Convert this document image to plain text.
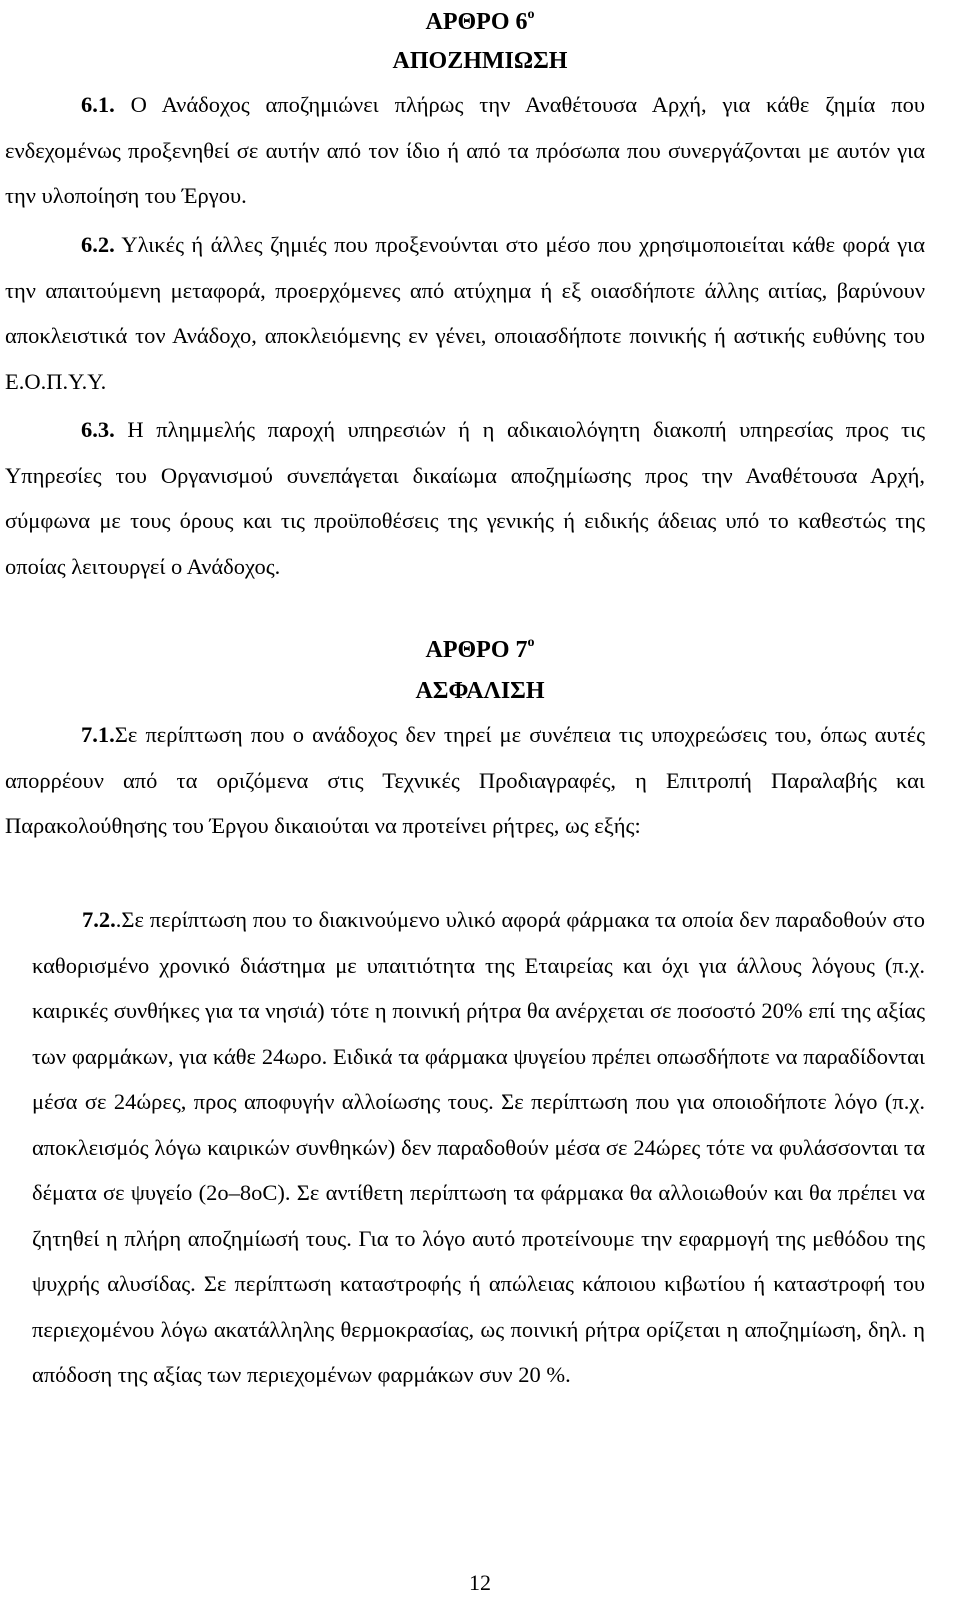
ΑΡΘΡΟ $6^o$
ΑΠΟΖΗΜΙΩΣΗ

6.1. Ο Ανάδοχος αποζημιώνει πλήρως την Αναθέτουσα Αρχή, για κάθε ζημία που ενδεχομένως προξενηθεί σε αυτήν από τον ίδιο ή από τα πρόσωπα που συνεργάζονται με αυτόν για την υλοποίηση του Έργου.

6.2. Υλικές ή άλλες ζημιές που προξενούνται στο μέσο που χρησιμοποιείται κάθε φορά για την απαιτούμενη μεταφορά, προερχόμενες από ατύχημα ή εξ οιασδήποτε άλλης αιτίας, βαρύνουν αποκλειστικά τον Ανάδοχο, αποκλειόμενης εν γένει, οποιασδήποτε ποινικής ή αστικής ευθύνης του Ε.Ο.Π.Υ.Υ.

6.3. Η πλημμελής παροχή υπηρεσιών ή η αδικαιολόγητη διακοπή υπηρεσίας προς τις Υπηρεσίες του Οργανισμού συνεπάγεται δικαίωμα αποζημίωσης προς την Αναθέτουσα Αρχή, σύμφωνα με τους όρους και τις προϋποθέσεις της γενικής ή ειδικής άδειας υπό το καθεστώς της οποίας λειτουργεί ο Ανάδοχος.

ΑΡΘΡΟ $7^o$
ΑΣΦΑΛΙΣΗ

7.1.Σε περίπτωση που ο ανάδοχος δεν τηρεί με συνέπεια τις υποχρεώσεις του, όπως αυτές απορρέουν από τα οριζόμενα στις Τεχνικές Προδιαγραφές, η Επιτροπή Παραλαβής και Παρακολούθησης του Έργου δικαιούται να προτείνει ρήτρες, ως εξής:

7.2..Σε περίπτωση που το διακινούμενο υλικό αφορά φάρμακα τα οποία δεν παραδοθούν στο καθορισμένο χρονικό διάστημα με υπαιτιότητα της Εταιρείας και όχι για άλλους λόγους (π.χ. καιρικές συνθήκες για τα νησιά) τότε η ποινική ρήτρα θα ανέρχεται σε ποσοστό 20% επί της αξίας των φαρμάκων, για κάθε 24ωρο. Ειδικά τα φάρμακα ψυγείου πρέπει οπωσδήποτε να παραδίδονται μέσα σε 24ώρες, προς αποφυγήν αλλοίωσης τους. Σε περίπτωση που για οποιοδήποτε λόγο (π.χ. αποκλεισμός λόγω καιρικών συνθηκών) δεν παραδοθούν μέσα σε 24ώρες τότε να φυλάσσονται τα δέματα σε ψυγείο (2ο–8οC). Σε αντίθετη περίπτωση τα φάρμακα θα αλλοιωθούν και θα πρέπει να ζητηθεί η πλήρη αποζημίωσή τους. Για το λόγο αυτό προτείνουμε την εφαρμογή της μεθόδου της ψυχρής αλυσίδας. Σε περίπτωση καταστροφής ή απώλειας κάποιου κιβωτίου ή καταστροφή του περιεχομένου λόγω ακατάλληλης θερμοκρασίας, ως ποινική ρήτρα ορίζεται η αποζημίωση, δηλ. η απόδοση της αξίας των περιεχομένων φαρμάκων συν 20 %.

12
